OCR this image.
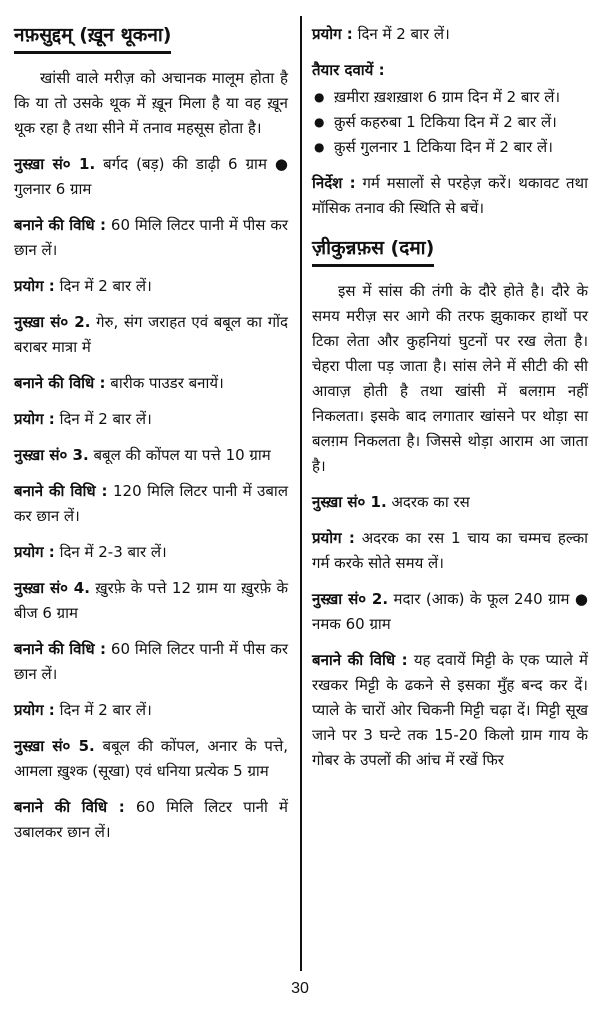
नफ़सुद्दम् (ख़ून थूकना)

खांसी वाले मरीज़ को अचानक मालूम होता है कि या तो उसके थूक में ख़ून मिला है या वह ख़ून थूक रहा है तथा सीने में तनाव महसूस होता है।

नुस्ख़ा सं० 1. बर्गद (बड़) की डाढ़ी 6 ग्राम ● गुलनार 6 ग्राम

बनाने की विधि : 60 मिलि लिटर पानी में पीस कर छान लें।

प्रयोग : दिन में 2 बार लें।

नुस्ख़ा सं० 2. गेरु, संग जराहत एवं बबूल का गोंद बराबर मात्रा में

बनाने की विधि : बारीक पाउडर बनायें।

प्रयोग : दिन में 2 बार लें।

नुस्ख़ा सं० 3. बबूल की कोंपल या पत्ते 10 ग्राम

बनाने की विधि : 120 मिलि लिटर पानी में उबाल कर छान लें।

प्रयोग : दिन में 2-3 बार लें।

नुस्ख़ा सं० 4. ख़ुरफ़े के पत्ते 12 ग्राम या ख़ुरफ़े के बीज 6 ग्राम

बनाने की विधि : 60 मिलि लिटर पानी में पीस कर छान लें।

प्रयोग : दिन में 2 बार लें।

नुस्ख़ा सं० 5. बबूल की कोंपल, अनार के पत्ते, आमला ख़ुश्क (सूखा) एवं धनिया प्रत्येक 5 ग्राम

बनाने की विधि : 60 मिलि लिटर पानी में उबालकर छान लें।

प्रयोग : दिन में 2 बार लें।

तैयार दवायें :
● ख़मीरा ख़शख़ाश 6 ग्राम दिन में 2 बार लें।
● क़ुर्स कहरुबा 1 टिकिया दिन में 2 बार लें।
● क़ुर्स गुलनार 1 टिकिया दिन में 2 बार लें।

निर्देश : गर्म मसालों से परहेज़ करें। थकावट तथा मॉसिक तनाव की स्थिति से बचें।

ज़ीकुन्नफ़स (दमा)

इस में सांस की तंगी के दौरे होते है। दौरे के समय मरीज़ सर आगे की तरफ झुकाकर हाथों पर टिका लेता और कुहनियां घुटनों पर रख लेता है। चेहरा पीला पड़ जाता है। सांस लेने में सीटी की सी आवाज़ होती है तथा खांसी में बलग़म नहीं निकलता। इसके बाद लगातार खांसने पर थोड़ा सा बलग़म निकलता है। जिससे थोड़ा आराम आ जाता है।

नुस्ख़ा सं० 1. अदरक का रस

प्रयोग : अदरक का रस 1 चाय का चम्मच हल्का गर्म करके सोते समय लें।

नुस्ख़ा सं० 2. मदार (आक) के फूल 240 ग्राम ● नमक 60 ग्राम

बनाने की विधि : यह दवायें मिट्टी के एक प्याले में रखकर मिट्टी के ढकने से इसका मुँह बन्द कर दें। प्याले के चारों ओर चिकनी मिट्टी चढ़ा दें। मिट्टी सूख जाने पर 3 घन्टे तक 15-20 किलो ग्राम गाय के गोबर के उपलों की आंच में रखें फिर

30
